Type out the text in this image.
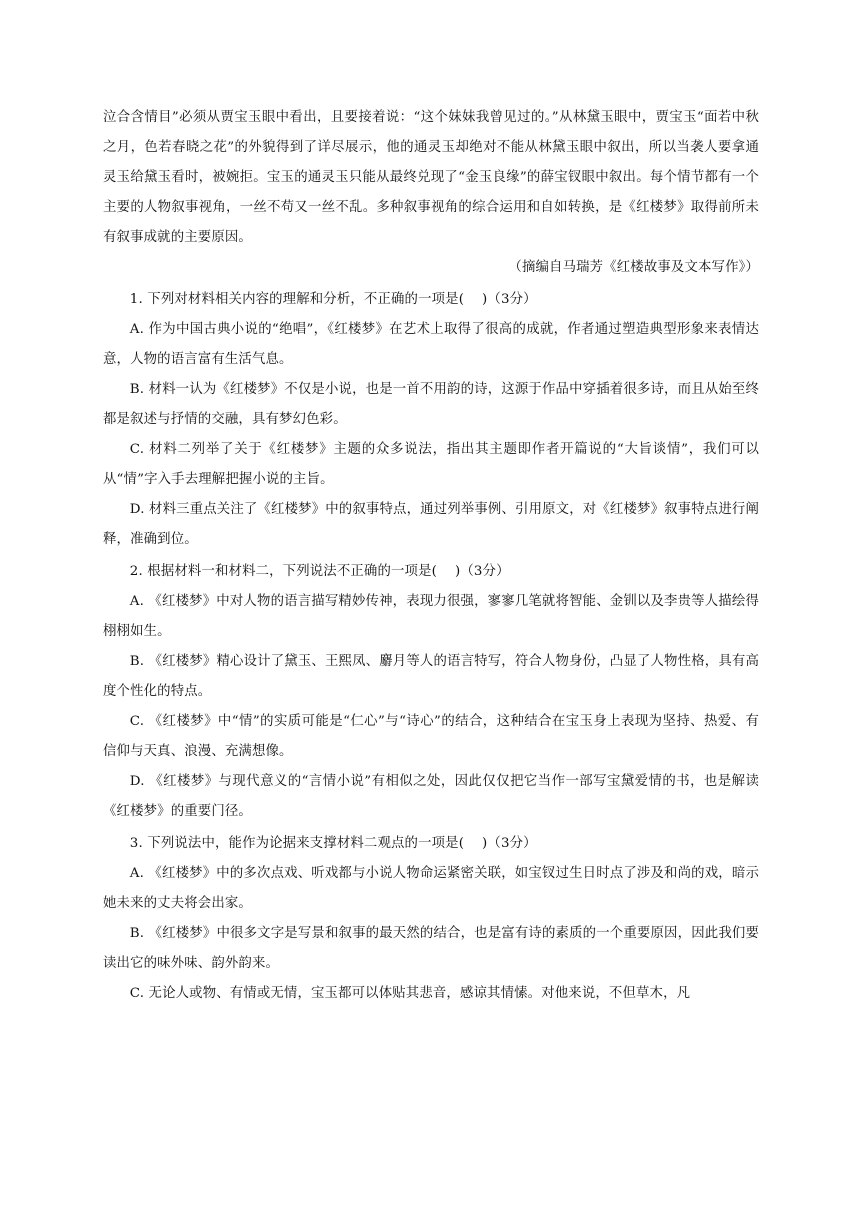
泣合含情目”必须从贾宝玉眼中看出，且要接着说：“这个妹妹我曾见过的。”从林黛玉眼中，贾宝玉“面若中秋之月，色若春晓之花”的外貌得到了详尽展示，他的通灵玉却绝对不能从林黛玉眼中叙出，所以当袭人要拿通灵玉给黛玉看时，被婉拒。宝玉的通灵玉只能从最终兑现了“金玉良缘”的薛宝钗眼中叙出。每个情节都有一个主要的人物叙事视角，一丝不苟又一丝不乱。多种叙事视角的综合运用和自如转换，是《红楼梦》取得前所未有叙事成就的主要原因。

（摘编自马瑞芳《红楼故事及文本写作》）

1. 下列对材料相关内容的理解和分析，不正确的一项是(　 )（3分）

A. 作为中国古典小说的“绝唱”，《红楼梦》在艺术上取得了很高的成就，作者通过塑造典型形象来表情达意，人物的语言富有生活气息。

B. 材料一认为《红楼梦》不仅是小说，也是一首不用韵的诗，这源于作品中穿插着很多诗，而且从始至终都是叙述与抒情的交融，具有梦幻色彩。

C. 材料二列举了关于《红楼梦》主题的众多说法，指出其主题即作者开篇说的“大旨谈情”，我们可以从“情”字入手去理解把握小说的主旨。

D. 材料三重点关注了《红楼梦》中的叙事特点，通过列举事例、引用原文，对《红楼梦》叙事特点进行阐释，准确到位。

2. 根据材料一和材料二，下列说法不正确的一项是(　 )（3分）

A. 《红楼梦》中对人物的语言描写精妙传神，表现力很强，寥寥几笔就将智能、金钏以及李贵等人描绘得栩栩如生。

B. 《红楼梦》精心设计了黛玉、王熙凤、麝月等人的语言特写，符合人物身份，凸显了人物性格，具有高度个性化的特点。

C. 《红楼梦》中“情”的实质可能是“仁心”与“诗心”的结合，这种结合在宝玉身上表现为坚持、热爱、有信仰与天真、浪漫、充满想像。

D. 《红楼梦》与现代意义的“言情小说”有相似之处，因此仅仅把它当作一部写宝黛爱情的书，也是解读《红楼梦》的重要门径。

3. 下列说法中，能作为论据来支撑材料二观点的一项是(　 )（3分）

A. 《红楼梦》中的多次点戏、听戏都与小说人物命运紧密关联，如宝钗过生日时点了涉及和尚的戏，暗示她未来的丈夫将会出家。

B. 《红楼梦》中很多文字是写景和叙事的最天然的结合，也是富有诗的素质的一个重要原因，因此我们要读出它的味外味、韵外韵来。

C. 无论人或物、有情或无情，宝玉都可以体贴其悲音，感谅其情愫。对他来说，不但草木，凡
